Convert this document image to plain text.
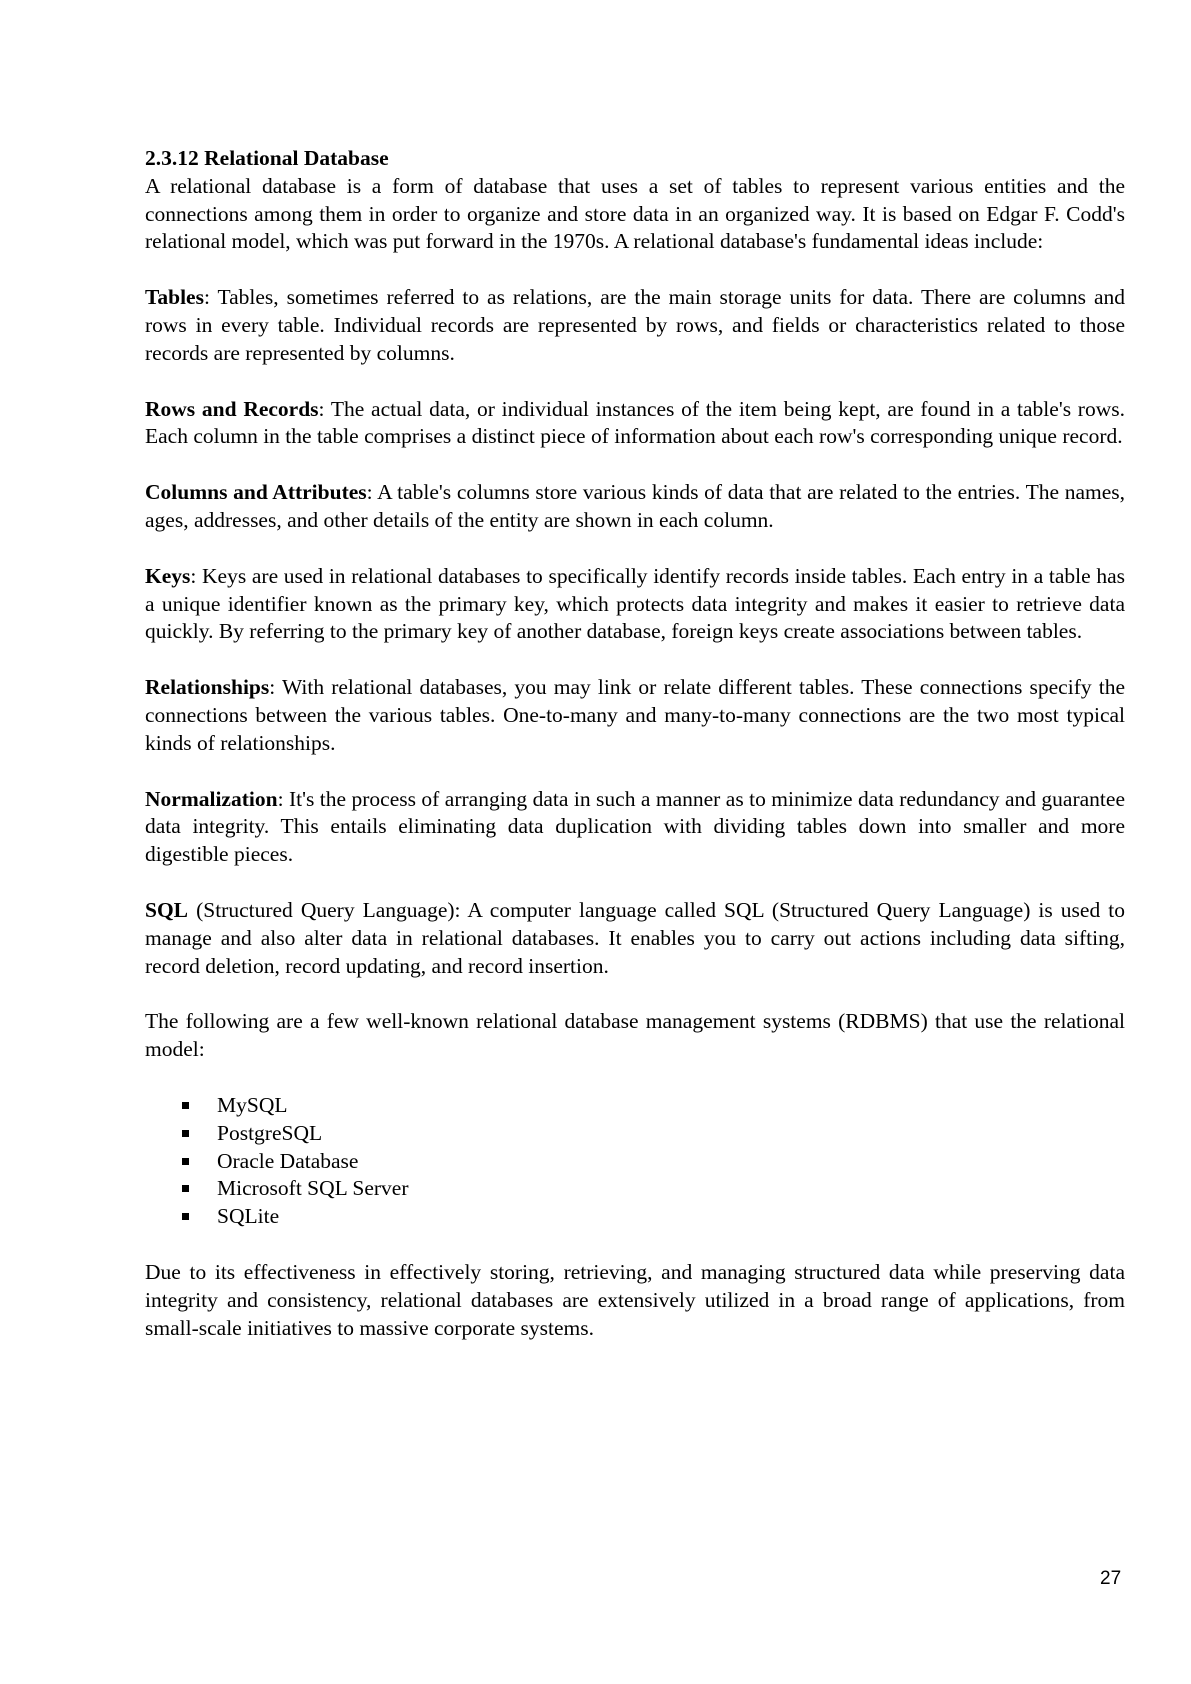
2.3.12 Relational Database

A relational database is a form of database that uses a set of tables to represent various entities and the connections among them in order to organize and store data in an organized way. It is based on Edgar F. Codd's relational model, which was put forward in the 1970s. A relational database's fundamental ideas include:

Tables: Tables, sometimes referred to as relations, are the main storage units for data. There are columns and rows in every table. Individual records are represented by rows, and fields or characteristics related to those records are represented by columns.

Rows and Records: The actual data, or individual instances of the item being kept, are found in a table's rows. Each column in the table comprises a distinct piece of information about each row's corresponding unique record.

Columns and Attributes: A table's columns store various kinds of data that are related to the entries. The names, ages, addresses, and other details of the entity are shown in each column.

Keys: Keys are used in relational databases to specifically identify records inside tables. Each entry in a table has a unique identifier known as the primary key, which protects data integrity and makes it easier to retrieve data quickly. By referring to the primary key of another database, foreign keys create associations between tables.

Relationships: With relational databases, you may link or relate different tables. These connections specify the connections between the various tables. One-to-many and many-to-many connections are the two most typical kinds of relationships.

Normalization: It's the process of arranging data in such a manner as to minimize data redundancy and guarantee data integrity. This entails eliminating data duplication with dividing tables down into smaller and more digestible pieces.

SQL (Structured Query Language): A computer language called SQL (Structured Query Language) is used to manage and also alter data in relational databases. It enables you to carry out actions including data sifting, record deletion, record updating, and record insertion.

The following are a few well-known relational database management systems (RDBMS) that use the relational model:

MySQL
PostgreSQL
Oracle Database
Microsoft SQL Server
SQLite

Due to its effectiveness in effectively storing, retrieving, and managing structured data while preserving data integrity and consistency, relational databases are extensively utilized in a broad range of applications, from small-scale initiatives to massive corporate systems.

27
